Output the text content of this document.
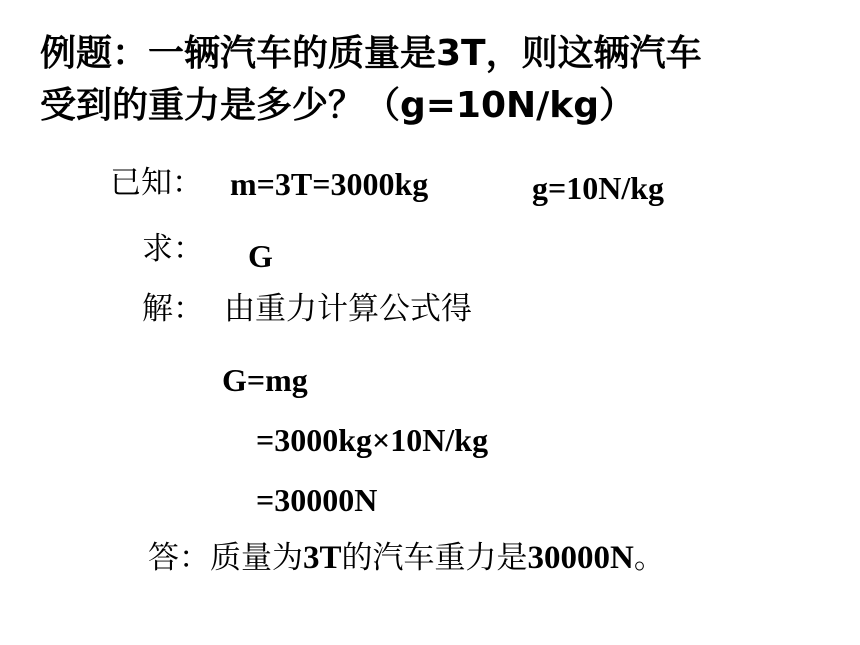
例题：一辆汽车的质量是3T，则这辆汽车
受到的重力是多少？（g=10N/kg）
已知： m=3T=3000kg	g=10N/kg
求： G
解： 由重力计算公式得
G=mg
=3000kg×10N/kg
=30000N
答：质量为3T的汽车重力是30000N。
